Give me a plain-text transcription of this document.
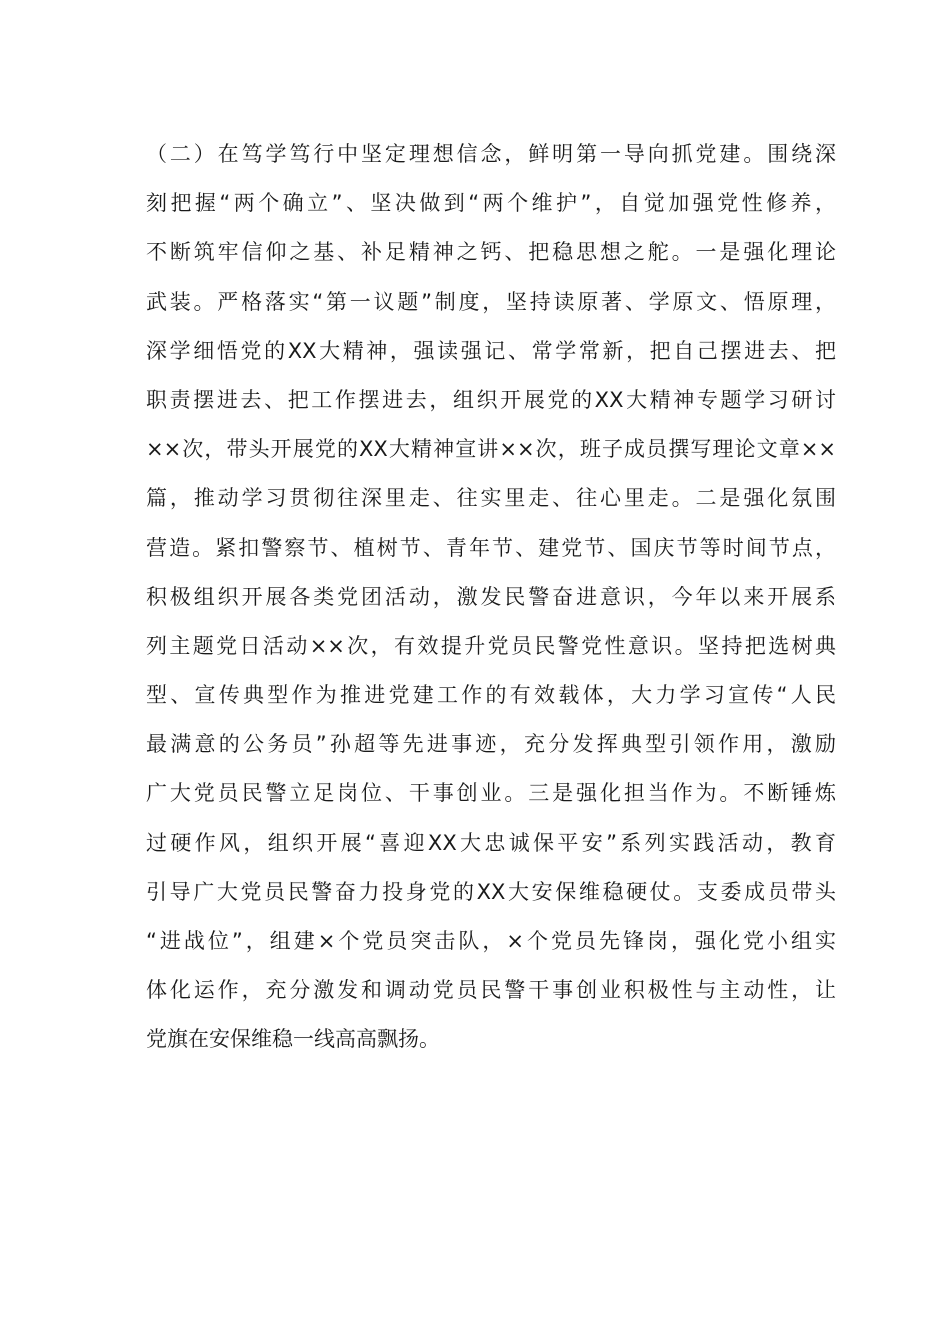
（二）在笃学笃行中坚定理想信念，鲜明第一导向抓党建。围绕深
刻把握“两个确立”、坚决做到“两个维护”，自觉加强党性修养，
不断筑牢信仰之基、补足精神之钙、把稳思想之舵。一是强化理论
武装。严格落实“第一议题”制度，坚持读原著、学原文、悟原理，
深学细悟党的XX大精神，强读强记、常学常新，把自己摆进去、把
职责摆进去、把工作摆进去，组织开展党的XX大精神专题学习研讨
××次，带头开展党的XX大精神宣讲××次，班子成员撰写理论文章××
篇，推动学习贯彻往深里走、往实里走、往心里走。二是强化氛围
营造。紧扣警察节、植树节、青年节、建党节、国庆节等时间节点，
积极组织开展各类党团活动，激发民警奋进意识，今年以来开展系
列主题党日活动××次，有效提升党员民警党性意识。坚持把选树典
型、宣传典型作为推进党建工作的有效载体，大力学习宣传“人民
最满意的公务员”孙超等先进事迹，充分发挥典型引领作用，激励
广大党员民警立足岗位、干事创业。三是强化担当作为。不断锤炼
过硬作风，组织开展“喜迎XX大忠诚保平安”系列实践活动，教育
引导广大党员民警奋力投身党的XX大安保维稳硬仗。支委成员带头
“进战位”，组建×个党员突击队，×个党员先锋岗，强化党小组实
体化运作，充分激发和调动党员民警干事创业积极性与主动性，让
党旗在安保维稳一线高高飘扬。
